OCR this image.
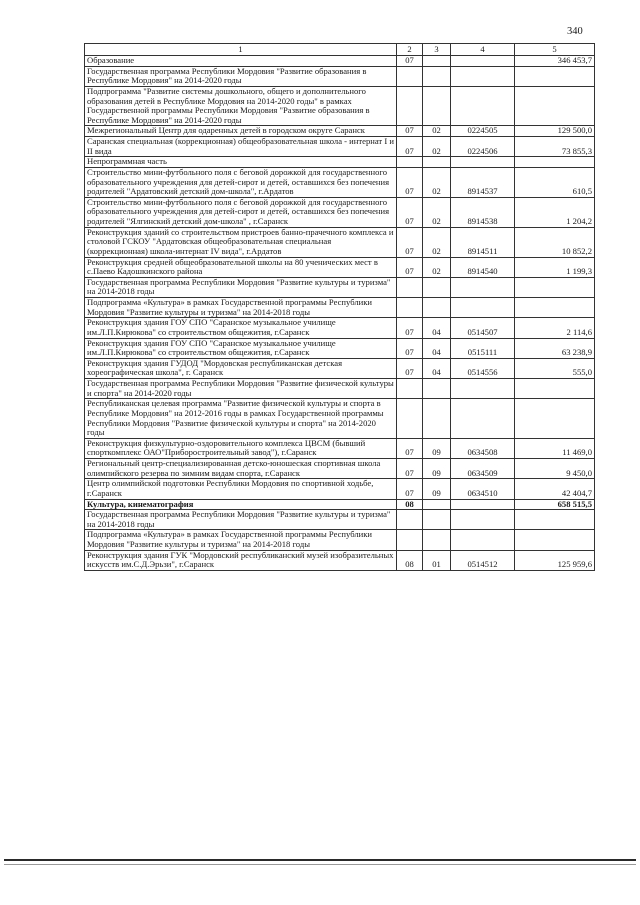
340
1	2	3	4	5
Образование	07			346 453,7
Государственная программа Республики Мордовия "Развитие образования в Республике Мордовия" на 2014-2020 годы				
Подпрограмма "Развитие системы дошкольного, общего и дополнительного образования детей в Республике Мордовия на 2014-2020 годы" в рамках Государственной программы Республики Мордовия "Развитие образования в Республике Мордовия" на 2014-2020 годы				
Межрегиональный Центр для одаренных детей в городском округе Саранск	07	02	0224505	129 500,0
Саранская специальная (коррекционная) общеобразовательная школа - интернат I и II вида	07	02	0224506	73 855,3
Непрограммная часть				
Строительство мини-футбольного поля с беговой дорожкой для государственного образовательного учреждения для детей-сирот и детей, оставшихся без попечения родителей "Ардатовский детский дом-школа", г.Ардатов	07	02	8914537	610,5
Строительство мини-футбольного поля с беговой дорожкой для государственного образовательного учреждения для детей-сирот и детей, оставшихся без попечения родителей "Ялгинский детский дом-школа" , г.Саранск	07	02	8914538	1 204,2
Реконструкция зданий со строительством пристроев банно-прачечного комплекса и столовой ГСКОУ "Ардатовская общеобразовательная специальная (коррекционная) школа-интернат IV вида", г.Ардатов	07	02	8914511	10 852,2
Реконструкция средней общеобразовательной школы на 80 ученических мест в с.Паево Кадошкинского района	07	02	8914540	1 199,3
Государственная программа Республики Мордовия "Развитие культуры и туризма" на 2014-2018 годы				
Подпрограмма «Культура» в рамках Государственной программы Республики Мордовия "Развитие культуры и туризма" на 2014-2018 годы				
Реконструкция здания ГОУ СПО "Саранское музыкальное училище им.Л.П.Кирюкова" со строительством общежития, г.Саранск	07	04	0514507	2 114,6
Реконструкция здания ГОУ СПО "Саранское музыкальное училище им.Л.П.Кирюкова" со строительством общежития, г.Саранск	07	04	0515111	63 238,9
Реконструкция здания ГУДОД "Мордовская республиканская детская хореографическая школа", г. Саранск	07	04	0514556	555,0
Государственная программа Республики Мордовия "Развитие физической культуры и спорта" на 2014-2020 годы				
Республиканская целевая программа "Развитие физической культуры и спорта в Республике Мордовия" на 2012-2016 годы в рамках Государственной программы Республики Мордовия "Развитие физической культуры и спорта" на 2014-2020 годы				
Реконструкция физкультурно-оздоровительного комплекса ЦВСМ (бывший спорткомплекс ОАО"Приборостроительный завод"), г.Саранск	07	09	0634508	11 469,0
Региональный центр-специализированная детско-юношеская спортивная школа олимпийского резерва по зимним видам спорта, г.Саранск	07	09	0634509	9 450,0
Центр олимпийской подготовки Республики Мордовия по спортивной ходьбе, г.Саранск	07	09	0634510	42 404,7
Культура, кинематография	08			658 515,5
Государственная программа Республики Мордовия "Развитие культуры и туризма" на 2014-2018 годы				
Подпрограмма «Культура» в рамках Государственной программы Республики Мордовия "Развитие культуры и туризма" на 2014-2018 годы				
Реконструкция здания ГУК "Мордовский республиканский музей изобразительных искусств им.С.Д.Эрьзи", г.Саранск	08	01	0514512	125 959,6
